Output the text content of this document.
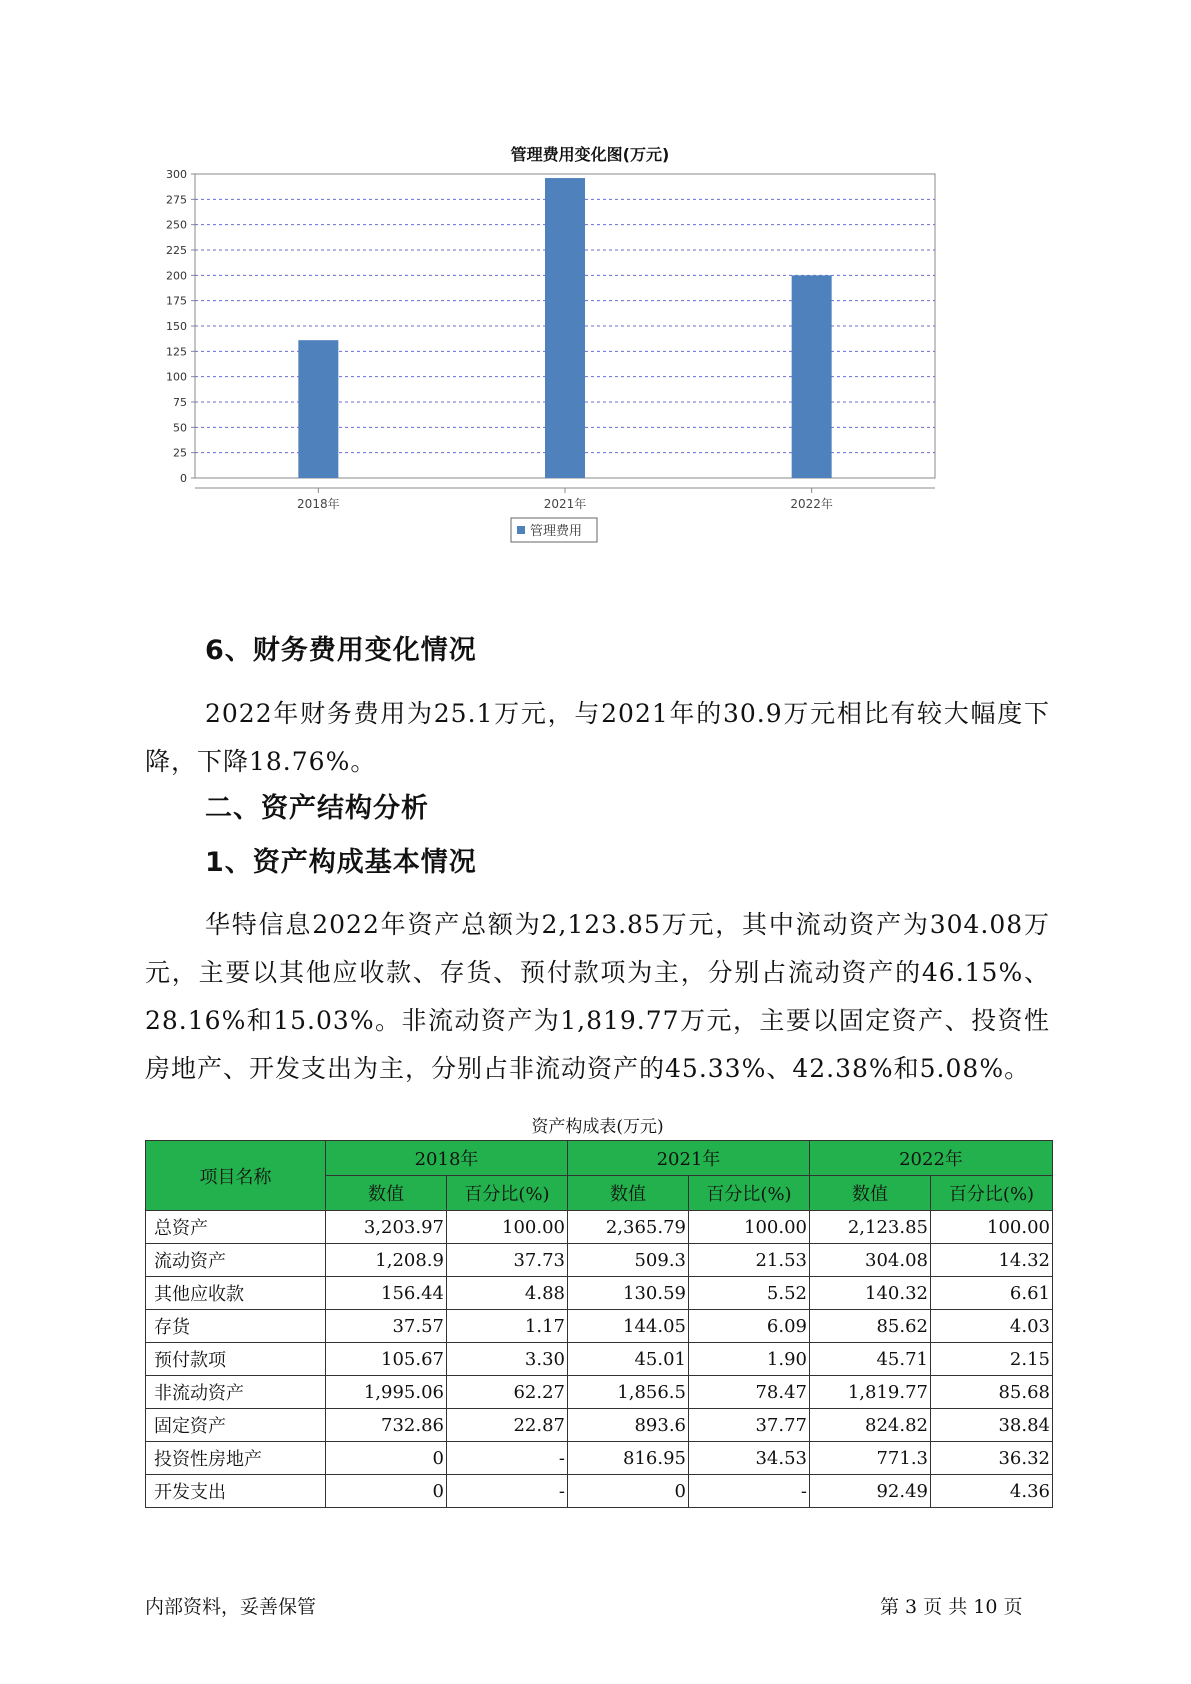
0
25
50
75
100
125
150
175
200
225
250
275
300
2018年	2021年	2022年
管理费用
管理费用变化图(万元)
6、财务费用变化情况

2022年财务费用为25.1万元，与2021年的30.9万元相比有较大幅度下降，下降18.76%。

二、资产结构分析
1、资产构成基本情况

华特信息2022年资产总额为2,123.85万元，其中流动资产为304.08万元，主要以其他应收款、存货、预付款项为主，分别占流动资产的46.15%、28.16%和15.03%。非流动资产为1,819.77万元，主要以固定资产、投资性房地产、开发支出为主，分别占非流动资产的45.33%、42.38%和5.08%。

资产构成表(万元)
项目名称	2018年		2021年		2022年	
	数值	百分比(%)	数值	百分比(%)	数值	百分比(%)
总资产	3,203.97	100.00	2,365.79	100.00	2,123.85	100.00
流动资产	1,208.9	37.73	509.3	21.53	304.08	14.32
其他应收款	156.44	4.88	130.59	5.52	140.32	6.61
存货	37.57	1.17	144.05	6.09	85.62	4.03
预付款项	105.67	3.30	45.01	1.90	45.71	2.15
非流动资产	1,995.06	62.27	1,856.5	78.47	1,819.77	85.68
固定资产	732.86	22.87	893.6	37.77	824.82	38.84
投资性房地产	0	-	816.95	34.53	771.3	36.32
开发支出	0	-	0	-	92.49	4.36
内部资料，妥善保管	第 3 页 共 10 页
